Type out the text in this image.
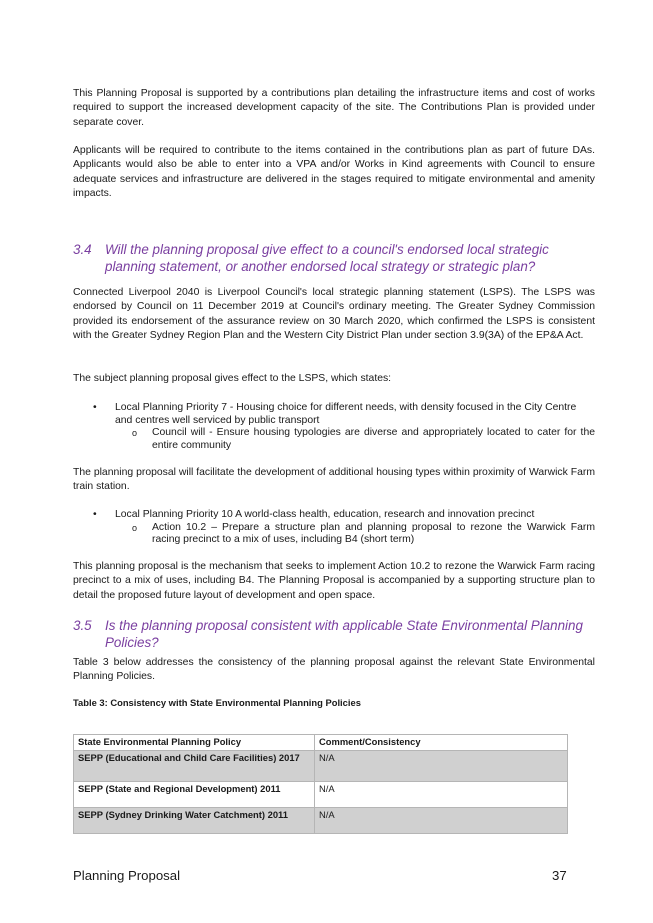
This Planning Proposal is supported by a contributions plan detailing the infrastructure items and cost of works required to support the increased development capacity of the site. The Contributions Plan is provided under separate cover.

Applicants will be required to contribute to the items contained in the contributions plan as part of future DAs. Applicants would also be able to enter into a VPA and/or Works in Kind agreements with Council to ensure adequate services and infrastructure are delivered in the stages required to mitigate environmental and amenity impacts.

3.4 Will the planning proposal give effect to a council's endorsed local strategic planning statement, or another endorsed local strategy or strategic plan?

Connected Liverpool 2040 is Liverpool Council's local strategic planning statement (LSPS). The LSPS was endorsed by Council on 11 December 2019 at Council's ordinary meeting. The Greater Sydney Commission provided its endorsement of the assurance review on 30 March 2020, which confirmed the LSPS is consistent with the Greater Sydney Region Plan and the Western City District Plan under section 3.9(3A) of the EP&A Act.

The subject planning proposal gives effect to the LSPS, which states:

• Local Planning Priority 7 - Housing choice for different needs, with density focused in the City Centre and centres well serviced by public transport
o Council will - Ensure housing typologies are diverse and appropriately located to cater for the entire community

The planning proposal will facilitate the development of additional housing types within proximity of Warwick Farm train station.

• Local Planning Priority 10 A world-class health, education, research and innovation precinct
o Action 10.2 – Prepare a structure plan and planning proposal to rezone the Warwick Farm racing precinct to a mix of uses, including B4 (short term)

This planning proposal is the mechanism that seeks to implement Action 10.2 to rezone the Warwick Farm racing precinct to a mix of uses, including B4. The Planning Proposal is accompanied by a supporting structure plan to detail the proposed future layout of development and open space.

3.5 Is the planning proposal consistent with applicable State Environmental Planning Policies?

Table 3 below addresses the consistency of the planning proposal against the relevant State Environmental Planning Policies.

Table 3: Consistency with State Environmental Planning Policies
State Environmental Planning Policy	Comment/Consistency
SEPP (Educational and Child Care Facilities) 2017	N/A
SEPP (State and Regional Development) 2011	N/A
SEPP (Sydney Drinking Water Catchment) 2011	N/A
Planning Proposal	37
